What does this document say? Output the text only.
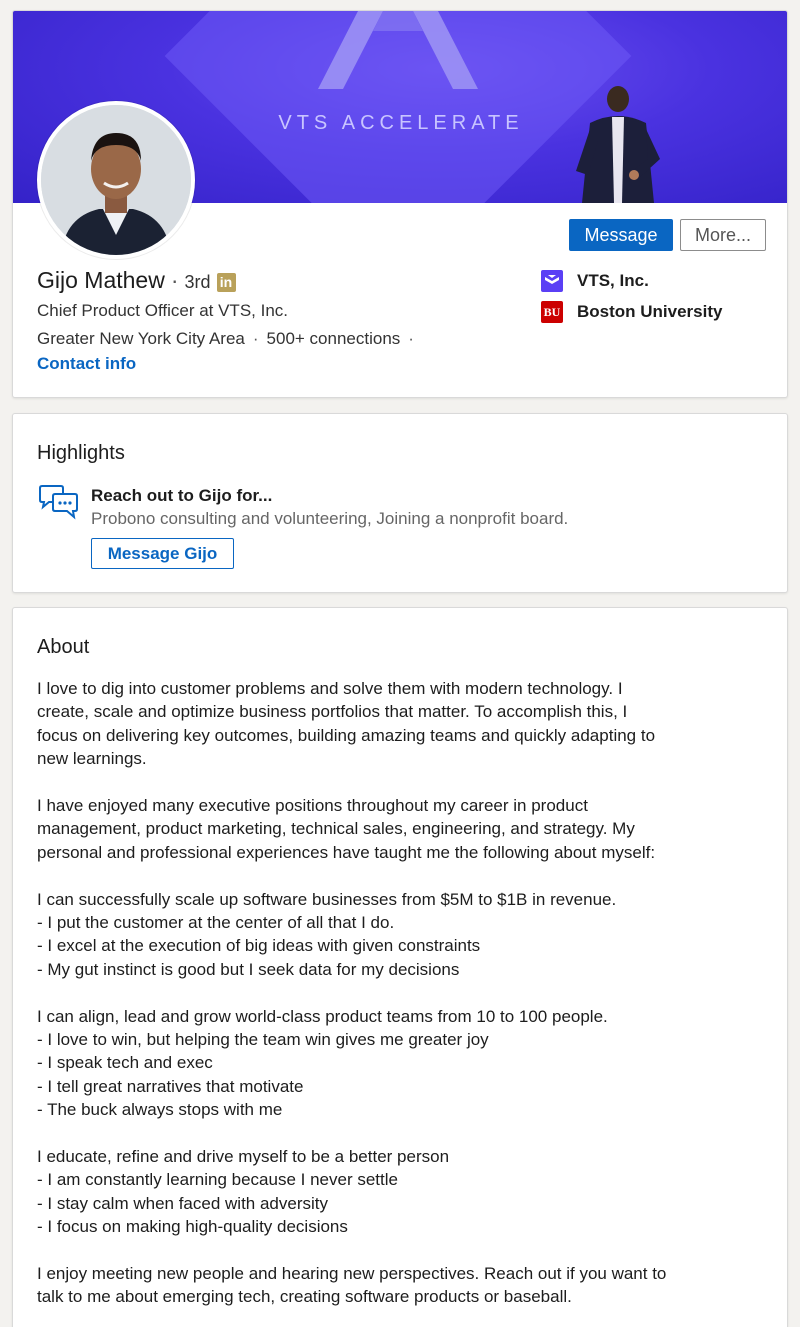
VTS ACCELERATE
Message	More...
Gijo Mathew · 3rd in
Chief Product Officer at VTS, Inc.
Greater New York City Area · 500+ connections ·
Contact info
VTS, Inc.
BU Boston University
Highlights
Reach out to Gijo for...
Probono consulting and volunteering, Joining a nonprofit board.
Message Gijo
About

I love to dig into customer problems and solve them with modern technology. I
create, scale and optimize business portfolios that matter. To accomplish this, I
focus on delivering key outcomes, building amazing teams and quickly adapting to
new learnings.

I have enjoyed many executive positions throughout my career in product
management, product marketing, technical sales, engineering, and strategy. My
personal and professional experiences have taught me the following about myself:

I can successfully scale up software businesses from $5M to $1B in revenue.
- I put the customer at the center of all that I do.
- I excel at the execution of big ideas with given constraints
- My gut instinct is good but I seek data for my decisions

I can align, lead and grow world-class product teams from 10 to 100 people.
- I love to win, but helping the team win gives me greater joy
- I speak tech and exec
- I tell great narratives that motivate
- The buck always stops with me

I educate, refine and drive myself to be a better person
- I am constantly learning because I never settle
- I stay calm when faced with adversity
- I focus on making high-quality decisions

I enjoy meeting new people and hearing new perspectives. Reach out if you want to
talk to me about emerging tech, creating software products or baseball.
